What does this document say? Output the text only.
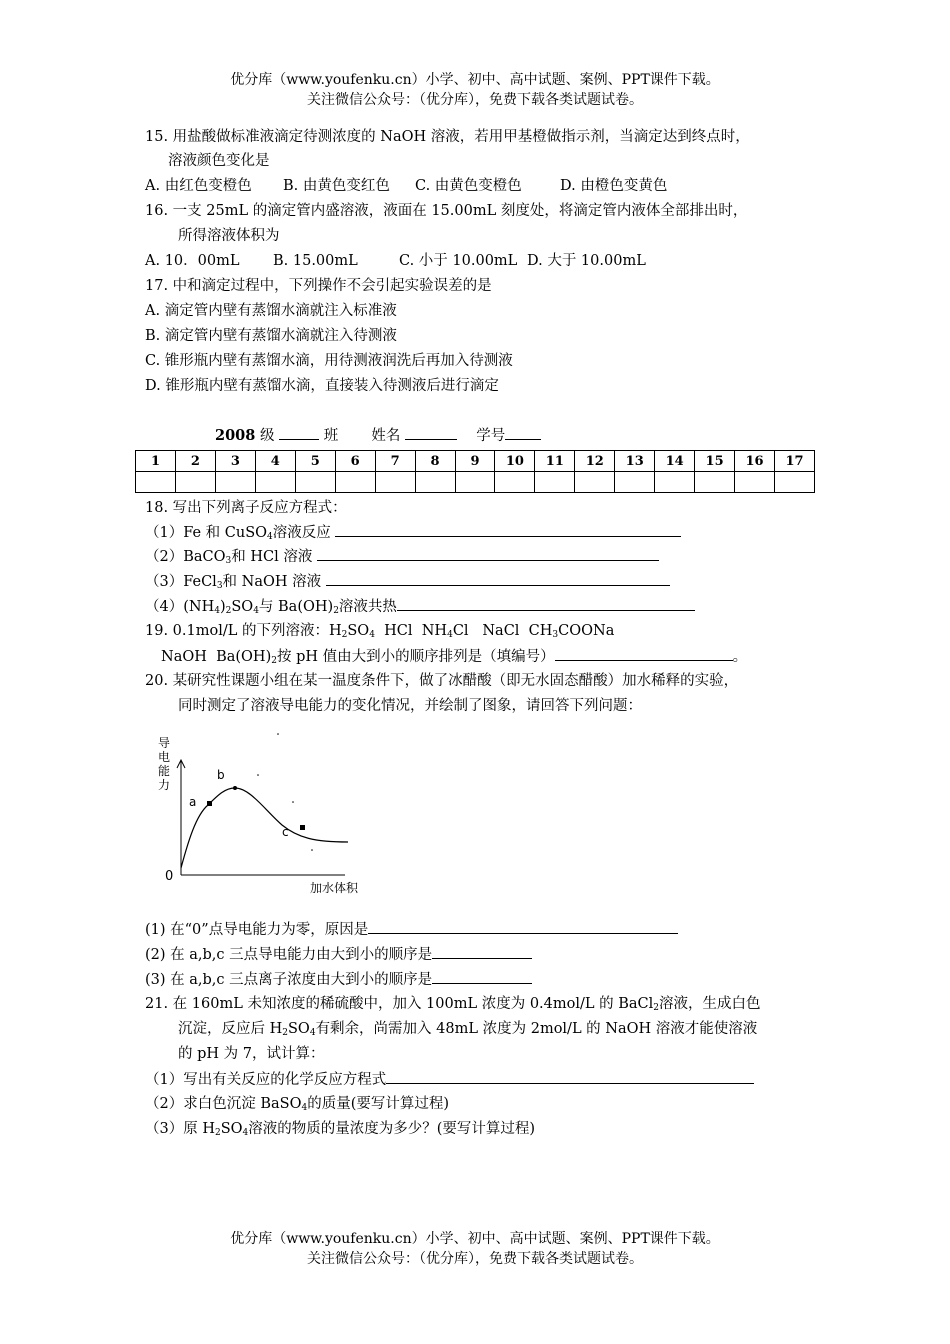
优分库（www.youfenku.cn）小学、初中、高中试题、案例、PPT课件下载。
关注微信公众号：（优分库），免费下载各类试题试卷。
15. 用盐酸做标准液滴定待测浓度的 NaOH 溶液，若用甲基橙做指示剂，当滴定达到终点时，
溶液颜色变化是
A. 由红色变橙色 B. 由黄色变红色 C. 由黄色变橙色	D. 由橙色变黄色
16. 一支 25mL 的滴定管内盛溶液，液面在 15.00mL 刻度处，将滴定管内液体全部排出时，
所得溶液体积为
A. 10．00mL B. 15.00mL	C. 小于 10.00mL D. 大于 10.00mL
17. 中和滴定过程中，下列操作不会引起实验误差的是
A. 滴定管内壁有蒸馏水滴就注入标准液
B. 滴定管内壁有蒸馏水滴就注入待测液
C. 锥形瓶内壁有蒸馏水滴，用待测液润洗后再加入待测液
D. 锥形瓶内壁有蒸馏水滴，直接装入待测液后进行滴定
2008 级	班 姓名	学号
1	2	3	4	5	6	7	8	9	10	11	12	13	14	15	16	17

18. 写出下列离子反应方程式：
（1）Fe 和 CuSO$_4$溶液反应
（2）BaCO$_3$和 HCl 溶液
（3）FeCl$_3$和 NaOH 溶液
$(4)(NH_4)_2SO_4$与 $Ba(OH)_2$溶液共热
19. 0.1mol/L 的下列溶液：$H_2SO_4$  HCl  $NH_4Cl$   NaCl  $CH_3COONa$
NaOH  $Ba(OH)_2$按 pH 值由大到小的顺序排列是（填编号）	。
20. 某研究性课题小组在某一温度条件下，做了冰醋酸（即无水固态醋酸）加水稀释的实验，
同时测定了溶液导电能力的变化情况，并绘制了图象，请回答下列问题：
导
电
能
力
a
b
c
0
加水体积
(1) 在“0”点导电能力为零，原因是
(2) 在 a,b,c 三点导电能力由大到小的顺序是
(3) 在 a,b,c 三点离子浓度由大到小的顺序是
21. 在 160mL 未知浓度的稀硫酸中，加入 100mL 浓度为 0.4mol/L 的 BaCl$_2$溶液，生成白色
沉淀，反应后 $H_2SO_4$有剩余，尚需加入 48mL 浓度为 2mol/L 的 NaOH 溶液才能使溶液
的 pH 为 7，试计算：
（1）写出有关反应的化学反应方程式
（2）求白色沉淀 BaSO$_4$的质量(要写计算过程)
（3）原 $H_2SO_4$溶液的物质的量浓度为多少？(要写计算过程)
优分库（www.youfenku.cn）小学、初中、高中试题、案例、PPT课件下载。
关注微信公众号：（优分库），免费下载各类试题试卷。
